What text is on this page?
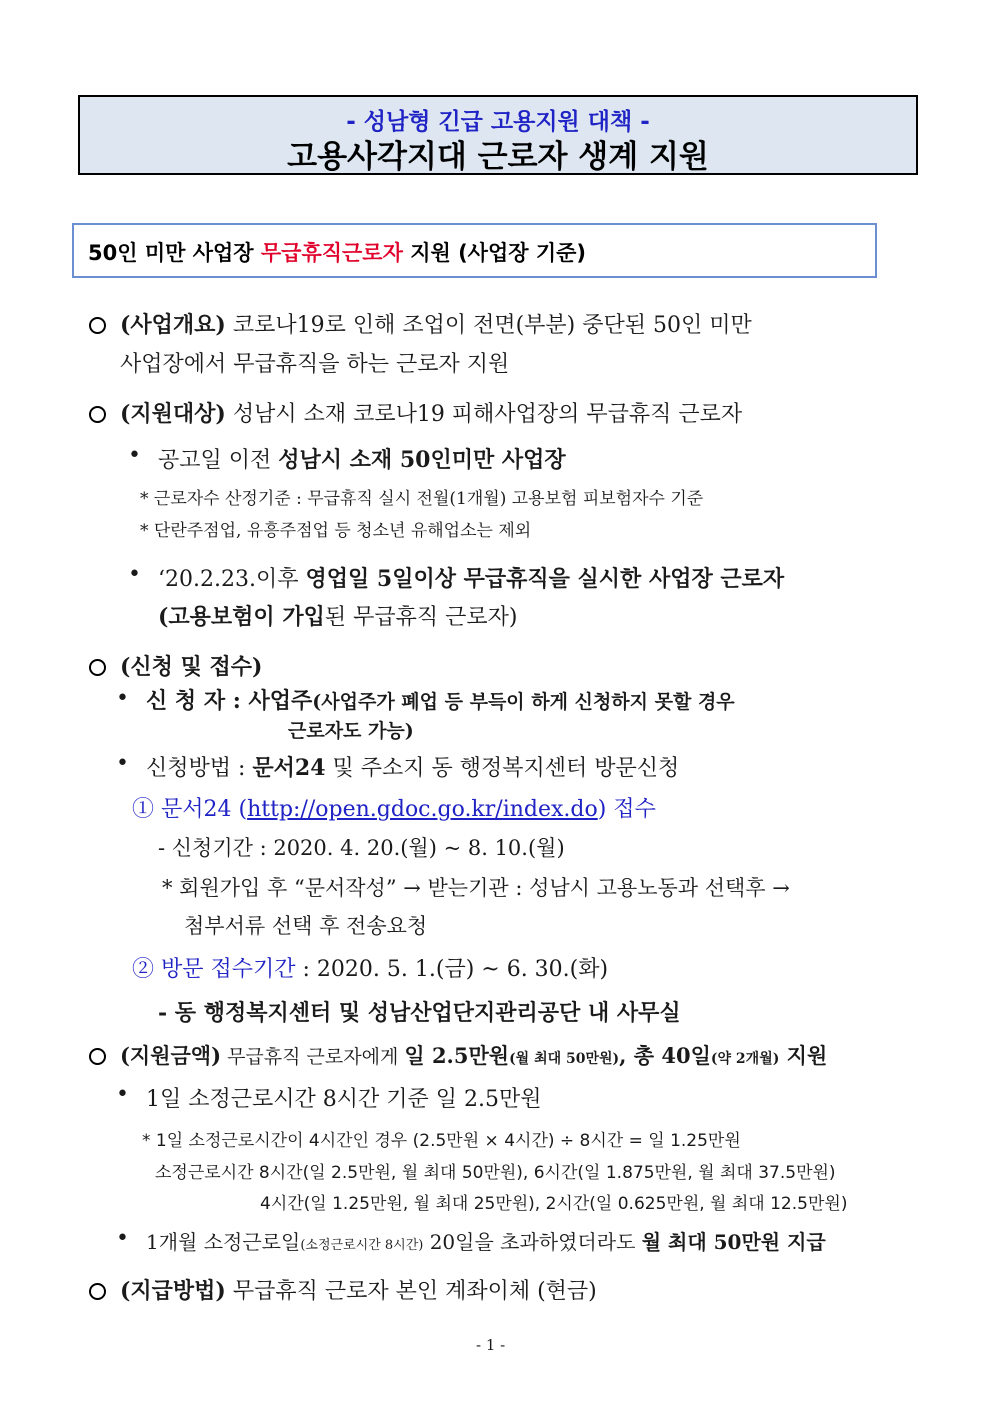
- 성남형 긴급 고용지원 대책 -
고용사각지대 근로자 생계 지원
50인 미만 사업장 무급휴직근로자 지원 (사업장 기준)
(사업개요) 코로나19로 인해 조업이 전면(부분) 중단된 50인 미만
사업장에서 무급휴직을 하는 근로자 지원
(지원대상) 성남시 소재 코로나19 피해사업장의 무급휴직 근로자
• 공고일 이전 성남시 소재 50인미만 사업장
* 근로자수 산정기준 : 무급휴직 실시 전월(1개월) 고용보험 피보험자수 기준
* 단란주점업, 유흥주점업 등 청소년 유해업소는 제외
• ‘20.2.23.이후 영업일 5일이상 무급휴직을 실시한 사업장 근로자
(고용보험이 가입된 무급휴직 근로자)
(신청 및 접수)
• 신 청 자 : 사업주(사업주가 폐업 등 부득이 하게 신청하지 못할 경우
근로자도 가능)
• 신청방법 : 문서24 및 주소지 동 행정복지센터 방문신청
① 문서24 (http://open.gdoc.go.kr/index.do) 접수
- 신청기간 : 2020. 4. 20.(월) ~ 8. 10.(월)
* 회원가입 후 “문서작성” → 받는기관 : 성남시 고용노동과 선택후 →
첨부서류 선택 후 전송요청
② 방문 접수기간 : 2020. 5. 1.(금) ~ 6. 30.(화)
- 동 행정복지센터 및 성남산업단지관리공단 내 사무실
(지원금액) 무급휴직 근로자에게 일 2.5만원(월 최대 50만원), 총 40일(약 2개월) 지원
• 1일 소정근로시간 8시간 기준 일 2.5만원
* 1일 소정근로시간이 4시간인 경우 (2.5만원 × 4시간) ÷ 8시간 = 일 1.25만원
소정근로시간 8시간(일 2.5만원, 월 최대 50만원), 6시간(일 1.875만원, 월 최대 37.5만원)
4시간(일 1.25만원, 월 최대 25만원), 2시간(일 0.625만원, 월 최대 12.5만원)
• 1개월 소정근로일(소정근로시간 8시간) 20일을 초과하였더라도 월 최대 50만원 지급
(지급방법) 무급휴직 근로자 본인 계좌이체 (현금)
- 1 -
